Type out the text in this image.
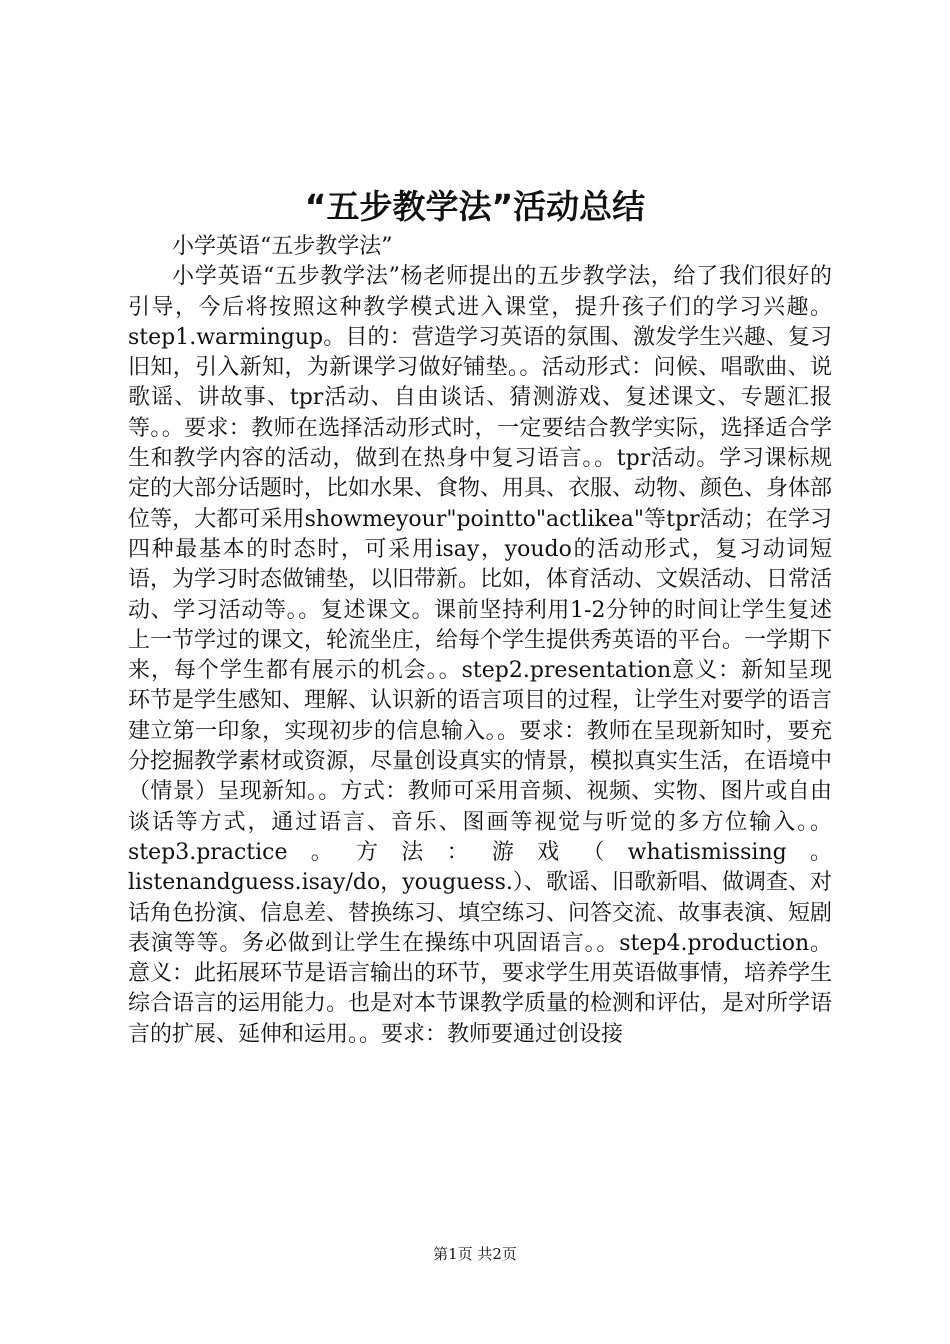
“五步教学法”活动总结

小学英语“五步教学法”

小学英语“五步教学法”杨老师提出的五步教学法，给了我们很好的引导，今后将按照这种教学模式进入课堂，提升孩子们的学习兴趣。step1.warmingup。目的：营造学习英语的氛围、激发学生兴趣、复习旧知，引入新知，为新课学习做好铺垫。。活动形式：问候、唱歌曲、说歌谣、讲故事、tpr活动、自由谈话、猜测游戏、复述课文、专题汇报等。。要求：教师在选择活动形式时，一定要结合教学实际，选择适合学生和教学内容的活动，做到在热身中复习语言。。tpr活动。学习课标规定的大部分话题时，比如水果、食物、用具、衣服、动物、颜色、身体部位等，大都可采用showmeyour"pointto"actlikea"等tpr活动；在学习四种最基本的时态时，可采用isay，youdo的活动形式，复习动词短语，为学习时态做铺垫，以旧带新。比如，体育活动、文娱活动、日常活动、学习活动等。。复述课文。课前坚持利用1-2分钟的时间让学生复述上一节学过的课文，轮流坐庄，给每个学生提供秀英语的平台。一学期下来，每个学生都有展示的机会。。step2.presentation意义：新知呈现环节是学生感知、理解、认识新的语言项目的过程，让学生对要学的语言建立第一印象，实现初步的信息输入。。要求：教师在呈现新知时，要充分挖掘教学素材或资源，尽量创设真实的情景，模拟真实生活，在语境中（情景）呈现新知。。方式：教师可采用音频、视频、实物、图片或自由谈话等方式，通过语言、音乐、图画等视觉与听觉的多方位输入。。step3.practice。方法：游戏（whatismissing。listenandguess.isay/do，youguess.）、歌谣、旧歌新唱、做调查、对话角色扮演、信息差、替换练习、填空练习、问答交流、故事表演、短剧表演等等。务必做到让学生在操练中巩固语言。。step4.production。意义：此拓展环节是语言输出的环节，要求学生用英语做事情，培养学生综合语言的运用能力。也是对本节课教学质量的检测和评估，是对所学语言的扩展、延伸和运用。。要求：教师要通过创设接

第1页 共2页
